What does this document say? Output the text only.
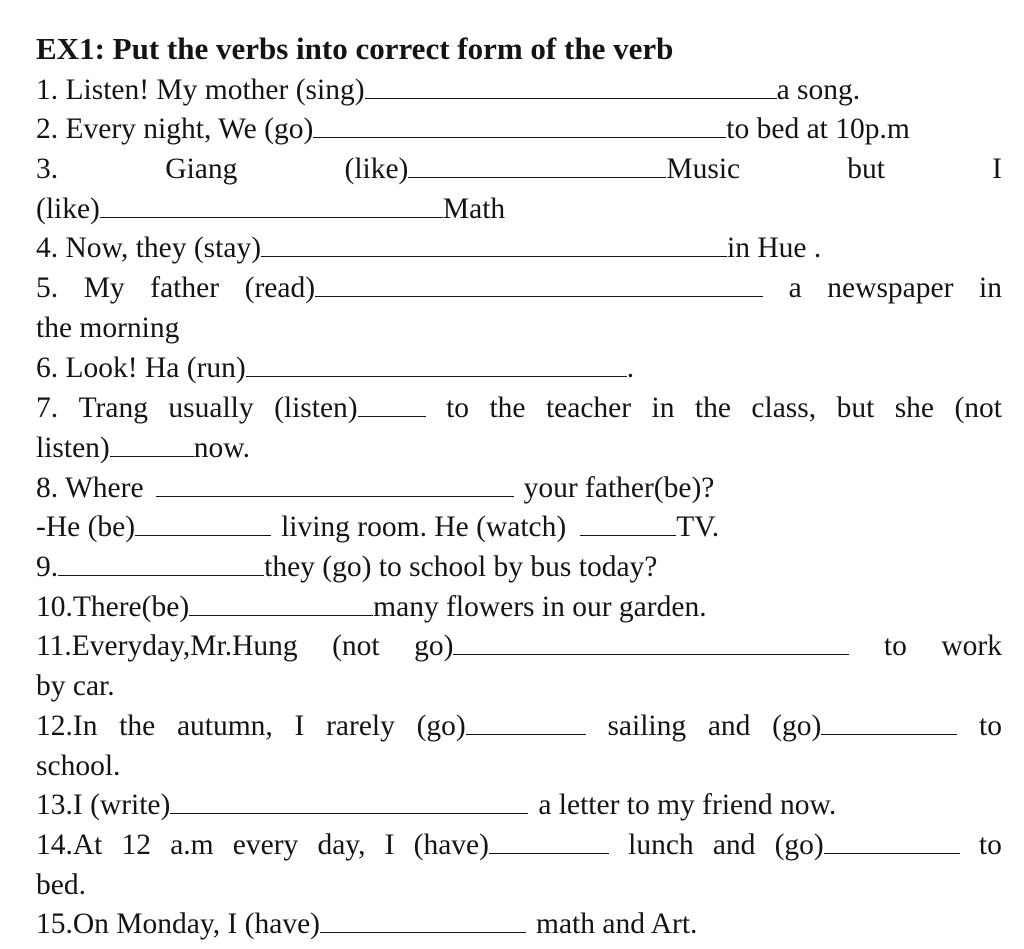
EX1: Put the verbs into correct form of the verb
1. Listen! My mother (sing)	a song.
2. Every night, We (go)	to bed at 10p.m
3.	Giang	(like)	Music	but	I
(like)	Math
4. Now, they (stay)	in Hue .
5. My father (read)	a newspaper in
the morning
6. Look! Ha (run)	.
7. Trang usually (listen)	to the teacher in the class, but she (not
listen)	now.
8. Where	your father(be)?
-He (be)	living room. He (watch)	TV.
9.	they (go) to school by bus today?
10.There(be)	many flowers in our garden.
11.Everyday,Mr.Hung (not go)	to work
by car.
12.In the autumn, I rarely (go)	sailing and (go)	to
school.
13.I (write)	a letter to my friend now.
14.At 12 a.m every day, I (have)	lunch and (go)	to
bed.
15.On Monday, I (have)	math and Art.
